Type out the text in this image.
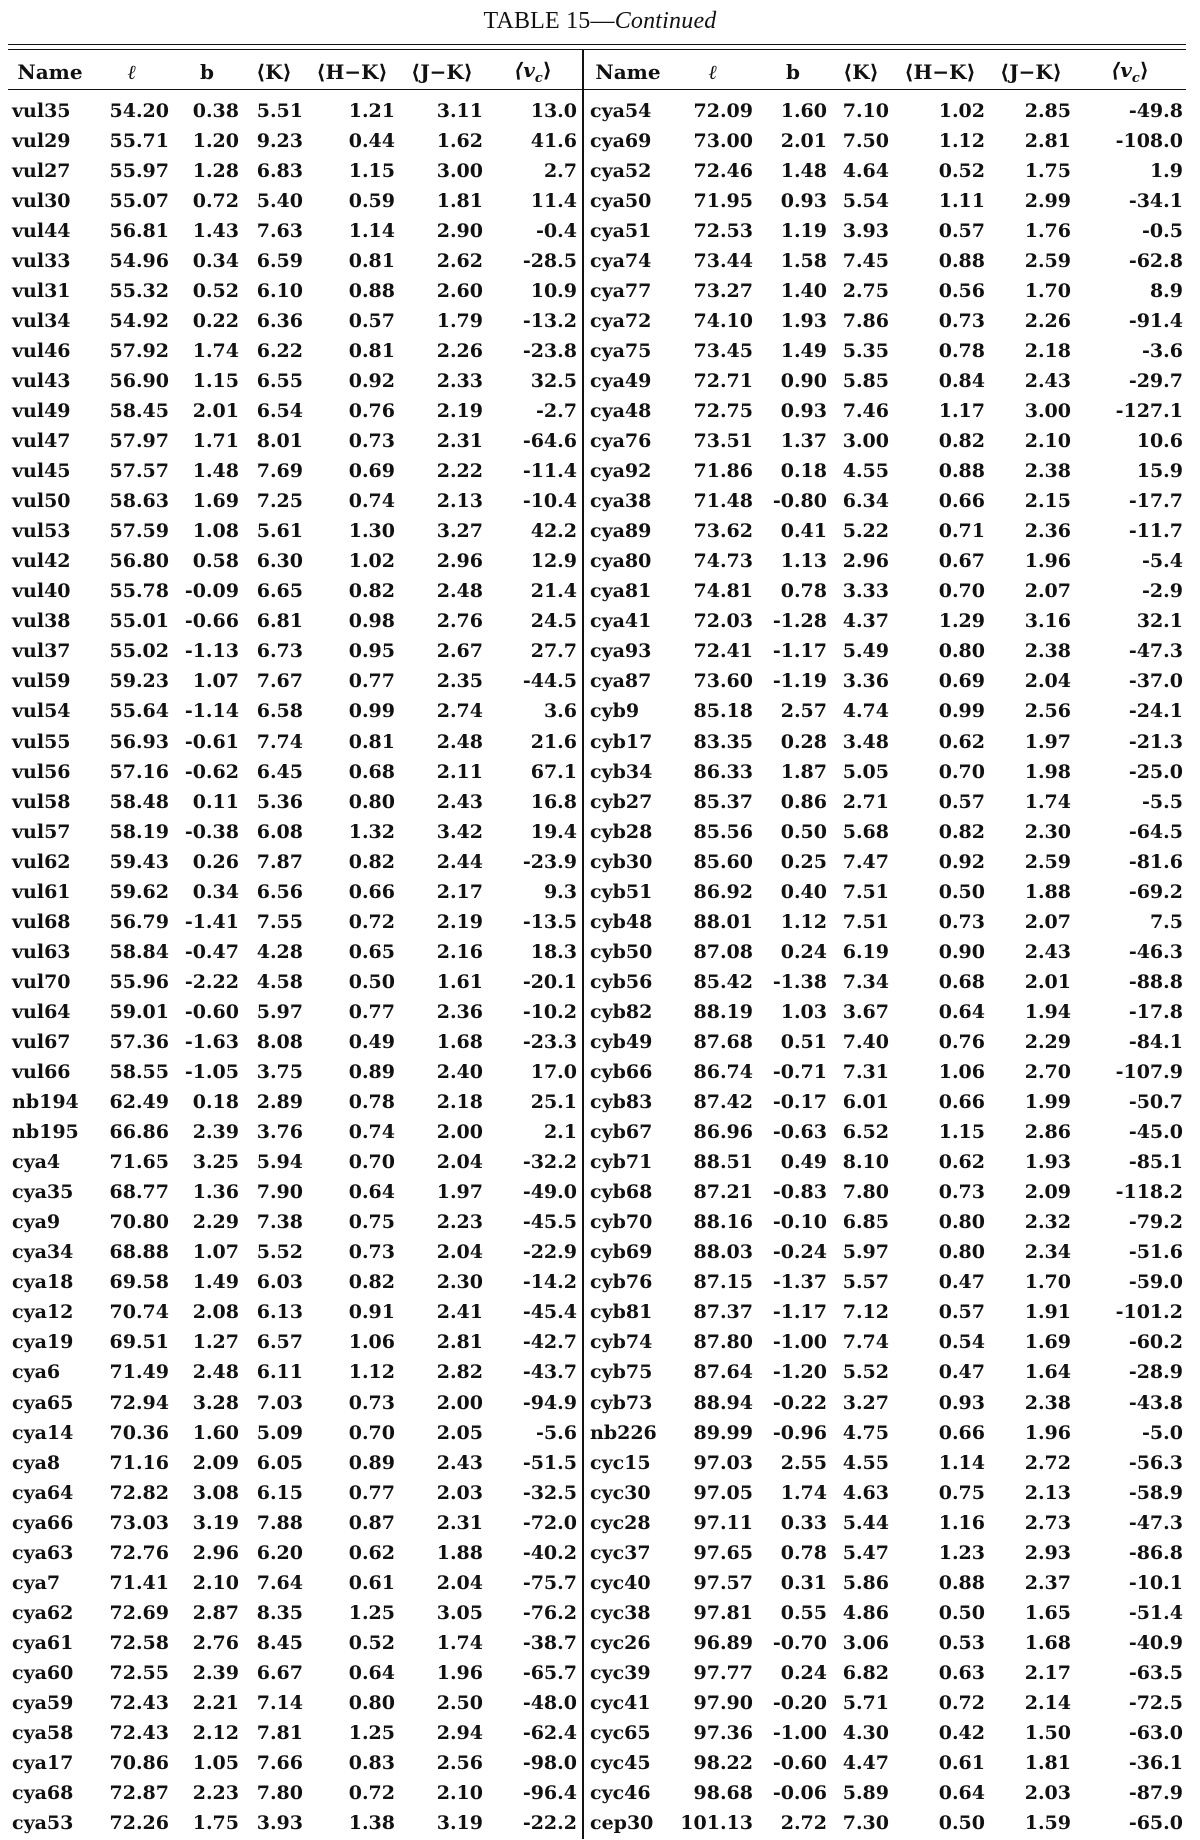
TABLE 15—Continued
Name	ℓ	b	⟨K⟩	⟨H−K⟩	⟨J−K⟩	$⟨v_c⟩$

vul35	54.20	0.38	5.51	1.21	3.11	13.0
vul29	55.71	1.20	9.23	0.44	1.62	41.6
vul27	55.97	1.28	6.83	1.15	3.00	2.7
vul30	55.07	0.72	5.40	0.59	1.81	11.4
vul44	56.81	1.43	7.63	1.14	2.90	-0.4
vul33	54.96	0.34	6.59	0.81	2.62	-28.5
vul31	55.32	0.52	6.10	0.88	2.60	10.9
vul34	54.92	0.22	6.36	0.57	1.79	-13.2
vul46	57.92	1.74	6.22	0.81	2.26	-23.8
vul43	56.90	1.15	6.55	0.92	2.33	32.5
vul49	58.45	2.01	6.54	0.76	2.19	-2.7
vul47	57.97	1.71	8.01	0.73	2.31	-64.6
vul45	57.57	1.48	7.69	0.69	2.22	-11.4
vul50	58.63	1.69	7.25	0.74	2.13	-10.4
vul53	57.59	1.08	5.61	1.30	3.27	42.2
vul42	56.80	0.58	6.30	1.02	2.96	12.9
vul40	55.78	-0.09	6.65	0.82	2.48	21.4
vul38	55.01	-0.66	6.81	0.98	2.76	24.5
vul37	55.02	-1.13	6.73	0.95	2.67	27.7
vul59	59.23	1.07	7.67	0.77	2.35	-44.5
vul54	55.64	-1.14	6.58	0.99	2.74	3.6
vul55	56.93	-0.61	7.74	0.81	2.48	21.6
vul56	57.16	-0.62	6.45	0.68	2.11	67.1
vul58	58.48	0.11	5.36	0.80	2.43	16.8
vul57	58.19	-0.38	6.08	1.32	3.42	19.4
vul62	59.43	0.26	7.87	0.82	2.44	-23.9
vul61	59.62	0.34	6.56	0.66	2.17	9.3
vul68	56.79	-1.41	7.55	0.72	2.19	-13.5
vul63	58.84	-0.47	4.28	0.65	2.16	18.3
vul70	55.96	-2.22	4.58	0.50	1.61	-20.1
vul64	59.01	-0.60	5.97	0.77	2.36	-10.2
vul67	57.36	-1.63	8.08	0.49	1.68	-23.3
vul66	58.55	-1.05	3.75	0.89	2.40	17.0
nb194	62.49	0.18	2.89	0.78	2.18	25.1
nb195	66.86	2.39	3.76	0.74	2.00	2.1
cya4	71.65	3.25	5.94	0.70	2.04	-32.2
cya35	68.77	1.36	7.90	0.64	1.97	-49.0
cya9	70.80	2.29	7.38	0.75	2.23	-45.5
cya34	68.88	1.07	5.52	0.73	2.04	-22.9
cya18	69.58	1.49	6.03	0.82	2.30	-14.2
cya12	70.74	2.08	6.13	0.91	2.41	-45.4
cya19	69.51	1.27	6.57	1.06	2.81	-42.7
cya6	71.49	2.48	6.11	1.12	2.82	-43.7
cya65	72.94	3.28	7.03	0.73	2.00	-94.9
cya14	70.36	1.60	5.09	0.70	2.05	-5.6
cya8	71.16	2.09	6.05	0.89	2.43	-51.5
cya64	72.82	3.08	6.15	0.77	2.03	-32.5
cya66	73.03	3.19	7.88	0.87	2.31	-72.0
cya63	72.76	2.96	6.20	0.62	1.88	-40.2
cya7	71.41	2.10	7.64	0.61	2.04	-75.7
cya62	72.69	2.87	8.35	1.25	3.05	-76.2
cya61	72.58	2.76	8.45	0.52	1.74	-38.7
cya60	72.55	2.39	6.67	0.64	1.96	-65.7
cya59	72.43	2.21	7.14	0.80	2.50	-48.0
cya58	72.43	2.12	7.81	1.25	2.94	-62.4
cya17	70.86	1.05	7.66	0.83	2.56	-98.0
cya68	72.87	2.23	7.80	0.72	2.10	-96.4
cya53	72.26	1.75	3.93	1.38	3.19	-22.2
Name	ℓ	b	⟨K⟩	⟨H−K⟩	⟨J−K⟩	$⟨v_c⟩$

cya54	72.09	1.60	7.10	1.02	2.85	-49.8
cya69	73.00	2.01	7.50	1.12	2.81	-108.0
cya52	72.46	1.48	4.64	0.52	1.75	1.9
cya50	71.95	0.93	5.54	1.11	2.99	-34.1
cya51	72.53	1.19	3.93	0.57	1.76	-0.5
cya74	73.44	1.58	7.45	0.88	2.59	-62.8
cya77	73.27	1.40	2.75	0.56	1.70	8.9
cya72	74.10	1.93	7.86	0.73	2.26	-91.4
cya75	73.45	1.49	5.35	0.78	2.18	-3.6
cya49	72.71	0.90	5.85	0.84	2.43	-29.7
cya48	72.75	0.93	7.46	1.17	3.00	-127.1
cya76	73.51	1.37	3.00	0.82	2.10	10.6
cya92	71.86	0.18	4.55	0.88	2.38	15.9
cya38	71.48	-0.80	6.34	0.66	2.15	-17.7
cya89	73.62	0.41	5.22	0.71	2.36	-11.7
cya80	74.73	1.13	2.96	0.67	1.96	-5.4
cya81	74.81	0.78	3.33	0.70	2.07	-2.9
cya41	72.03	-1.28	4.37	1.29	3.16	32.1
cya93	72.41	-1.17	5.49	0.80	2.38	-47.3
cya87	73.60	-1.19	3.36	0.69	2.04	-37.0
cyb9	85.18	2.57	4.74	0.99	2.56	-24.1
cyb17	83.35	0.28	3.48	0.62	1.97	-21.3
cyb34	86.33	1.87	5.05	0.70	1.98	-25.0
cyb27	85.37	0.86	2.71	0.57	1.74	-5.5
cyb28	85.56	0.50	5.68	0.82	2.30	-64.5
cyb30	85.60	0.25	7.47	0.92	2.59	-81.6
cyb51	86.92	0.40	7.51	0.50	1.88	-69.2
cyb48	88.01	1.12	7.51	0.73	2.07	7.5
cyb50	87.08	0.24	6.19	0.90	2.43	-46.3
cyb56	85.42	-1.38	7.34	0.68	2.01	-88.8
cyb82	88.19	1.03	3.67	0.64	1.94	-17.8
cyb49	87.68	0.51	7.40	0.76	2.29	-84.1
cyb66	86.74	-0.71	7.31	1.06	2.70	-107.9
cyb83	87.42	-0.17	6.01	0.66	1.99	-50.7
cyb67	86.96	-0.63	6.52	1.15	2.86	-45.0
cyb71	88.51	0.49	8.10	0.62	1.93	-85.1
cyb68	87.21	-0.83	7.80	0.73	2.09	-118.2
cyb70	88.16	-0.10	6.85	0.80	2.32	-79.2
cyb69	88.03	-0.24	5.97	0.80	2.34	-51.6
cyb76	87.15	-1.37	5.57	0.47	1.70	-59.0
cyb81	87.37	-1.17	7.12	0.57	1.91	-101.2
cyb74	87.80	-1.00	7.74	0.54	1.69	-60.2
cyb75	87.64	-1.20	5.52	0.47	1.64	-28.9
cyb73	88.94	-0.22	3.27	0.93	2.38	-43.8
nb226	89.99	-0.96	4.75	0.66	1.96	-5.0
cyc15	97.03	2.55	4.55	1.14	2.72	-56.3
cyc30	97.05	1.74	4.63	0.75	2.13	-58.9
cyc28	97.11	0.33	5.44	1.16	2.73	-47.3
cyc37	97.65	0.78	5.47	1.23	2.93	-86.8
cyc40	97.57	0.31	5.86	0.88	2.37	-10.1
cyc38	97.81	0.55	4.86	0.50	1.65	-51.4
cyc26	96.89	-0.70	3.06	0.53	1.68	-40.9
cyc39	97.77	0.24	6.82	0.63	2.17	-63.5
cyc41	97.90	-0.20	5.71	0.72	2.14	-72.5
cyc65	97.36	-1.00	4.30	0.42	1.50	-63.0
cyc45	98.22	-0.60	4.47	0.61	1.81	-36.1
cyc46	98.68	-0.06	5.89	0.64	2.03	-87.9
cep30	101.13	2.72	7.30	0.50	1.59	-65.0
